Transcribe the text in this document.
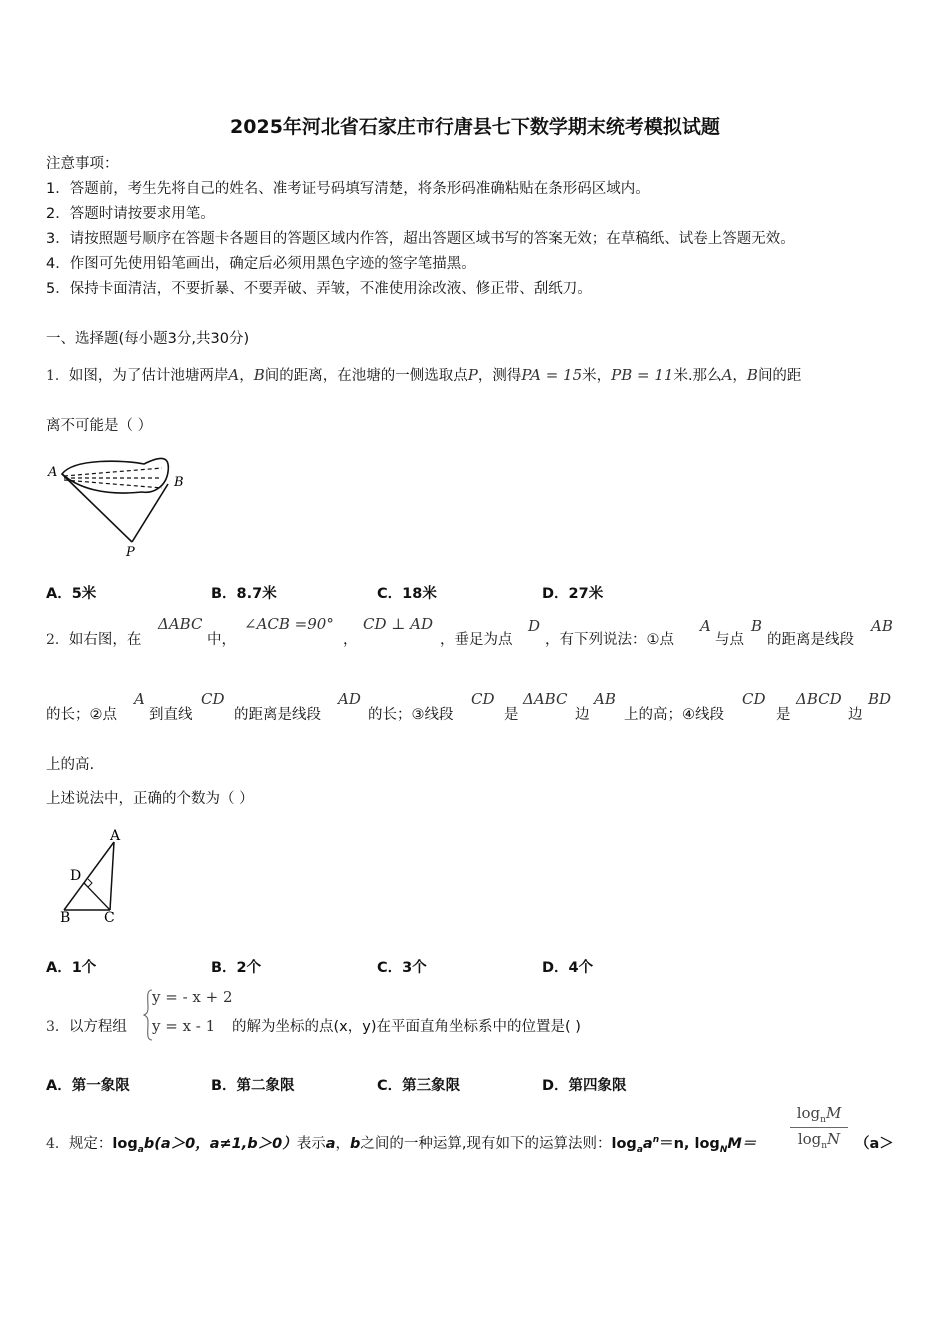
2025年河北省石家庄市行唐县七下数学期末统考模拟试题
注意事项：
1．答题前，考生先将自己的姓名、准考证号码填写清楚，将条形码准确粘贴在条形码区域内。
2．答题时请按要求用笔。
3．请按照题号顺序在答题卡各题目的答题区域内作答，超出答题区域书写的答案无效；在草稿纸、试卷上答题无效。
4．作图可先使用铅笔画出，确定后必须用黑色字迹的签字笔描黑。
5．保持卡面清洁，不要折暴、不要弄破、弄皱，不准使用涂改液、修正带、刮纸刀。
一、选择题(每小题3分,共30分)
1．如图，为了估计池塘两岸A，B间的距离，在池塘的一侧选取点P，测得PA = 15米，PB = 11米.那么A，B间的距
离不可能是（ ）
A
B
P
A．5米	B．8.7米	C．18米	D．27米
2．如右图，在
ΔABC
中，
∠ACB =90°
，
CD ⊥ AD
，垂足为点
D
，有下列说法：①点
A
与点
B
的距离是线段
AB
的长；②点
A
到直线
CD
的距离是线段
AD
的长；③线段
CD
是
ΔABC
边
AB
上的高；④线段
CD
是
ΔBCD
边
BD
上的高.
上述说法中，正确的个数为（ ）
A
D
B C
A．1个	B．2个	C．3个	D．4个
3．以方程组
y = - x + 2
y = x - 1 的解为坐标的点(x，y)在平面直角坐标系中的位置是( )
A．第一象限	B．第二象限	C．第三象限	D．第四象限
4．规定：$\log_ab(a>0$，a≠1,b＞0）表示a，b之间的一种运算,现有如下的运算法则：$\log_aa^n=n$, $\log_NM= \frac{\log_nM}{\log_nN} (a>$
